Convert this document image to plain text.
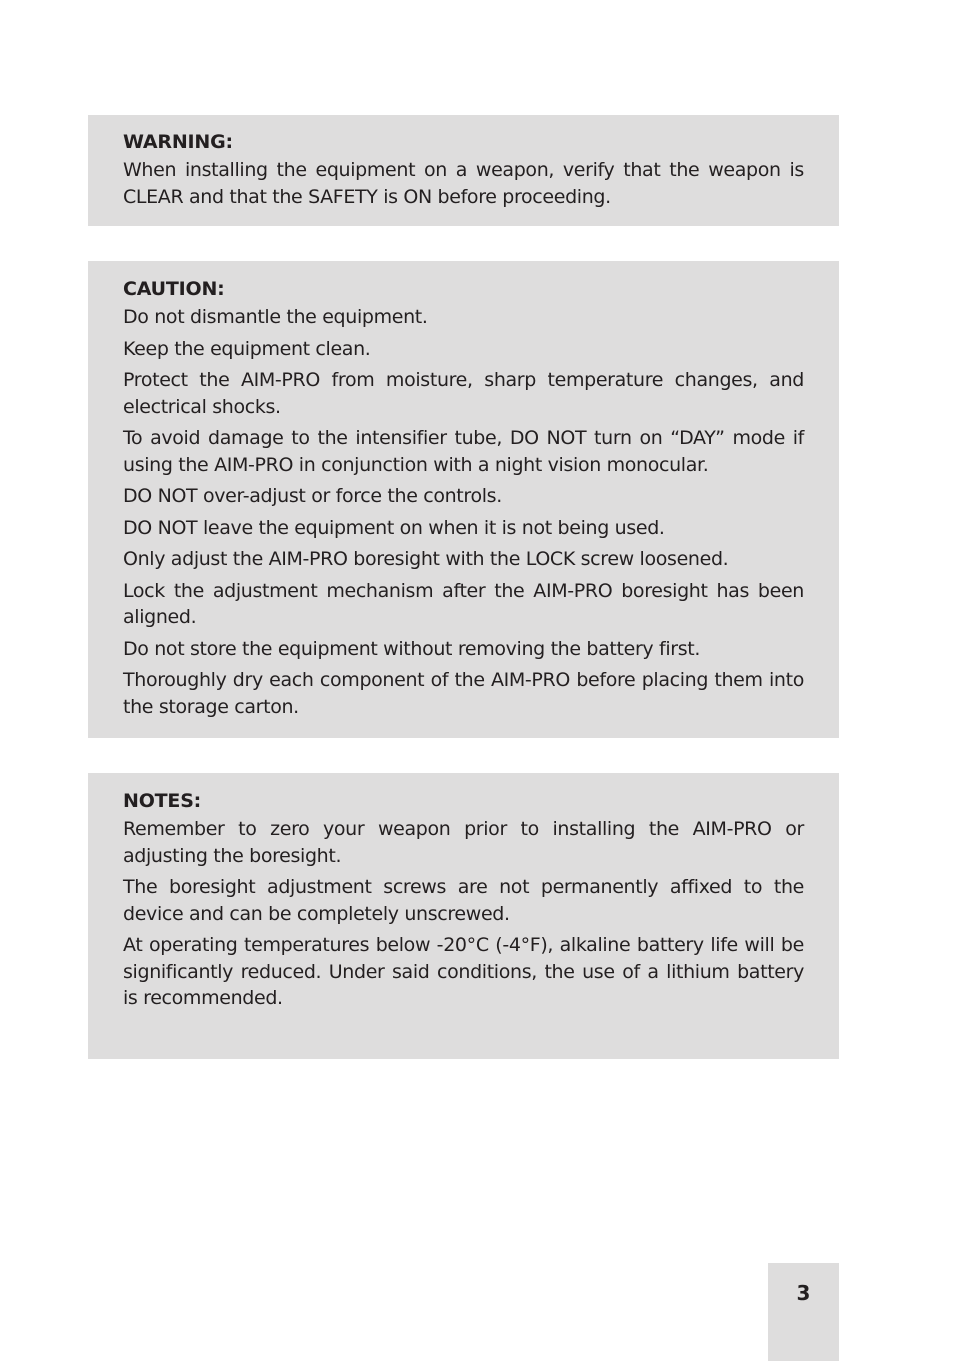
WARNING:

When installing the equipment on a weapon, verify that the weapon is CLEAR and that the SAFETY is ON before proceeding.

CAUTION:

Do not dismantle the equipment.

Keep the equipment clean.

Protect the AIM-PRO from moisture, sharp temperature changes, and electrical shocks.

To avoid damage to the intensifier tube, DO NOT turn on “DAY” mode if using the AIM-PRO in conjunction with a night vision monocular.

DO NOT over-adjust or force the controls.

DO NOT leave the equipment on when it is not being used.

Only adjust the AIM-PRO boresight with the LOCK screw loosened.

Lock the adjustment mechanism after the AIM-PRO boresight has been aligned.

Do not store the equipment without removing the battery first.

Thoroughly dry each component of the AIM-PRO before placing them into the storage carton.

NOTES:

Remember to zero your weapon prior to installing the AIM-PRO or adjusting the boresight.

The boresight adjustment screws are not permanently affixed to the device and can be completely unscrewed.

At operating temperatures below -20°C (-4°F), alkaline battery life will be significantly reduced. Under said conditions, the use of a lithium battery is recommended.

3
